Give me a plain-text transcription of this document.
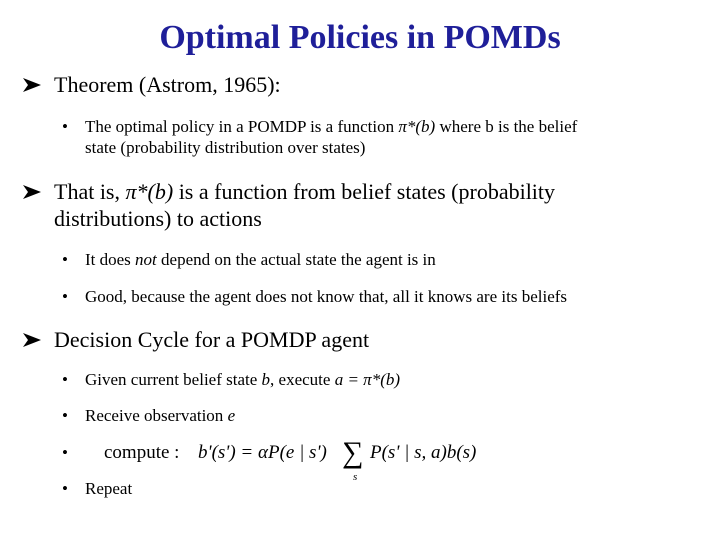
Optimal Policies in POMDs
Theorem (Astrom, 1965):
• The optimal policy in a POMDP is a function π*(b) where b is the belief
state (probability distribution over states)
That is, π*(b) is a function from belief states (probability
distributions) to actions
• It does not depend on the actual state the agent is in
• Good, because the agent does not know that, all it knows are its beliefs
Decision Cycle for a POMDP agent
• Given current belief state b, execute a = π*(b)
• Receive observation e
• compute : b'(s') = αP(e | s') ∑
s
P(s' | s, a)b(s)
• Repeat
